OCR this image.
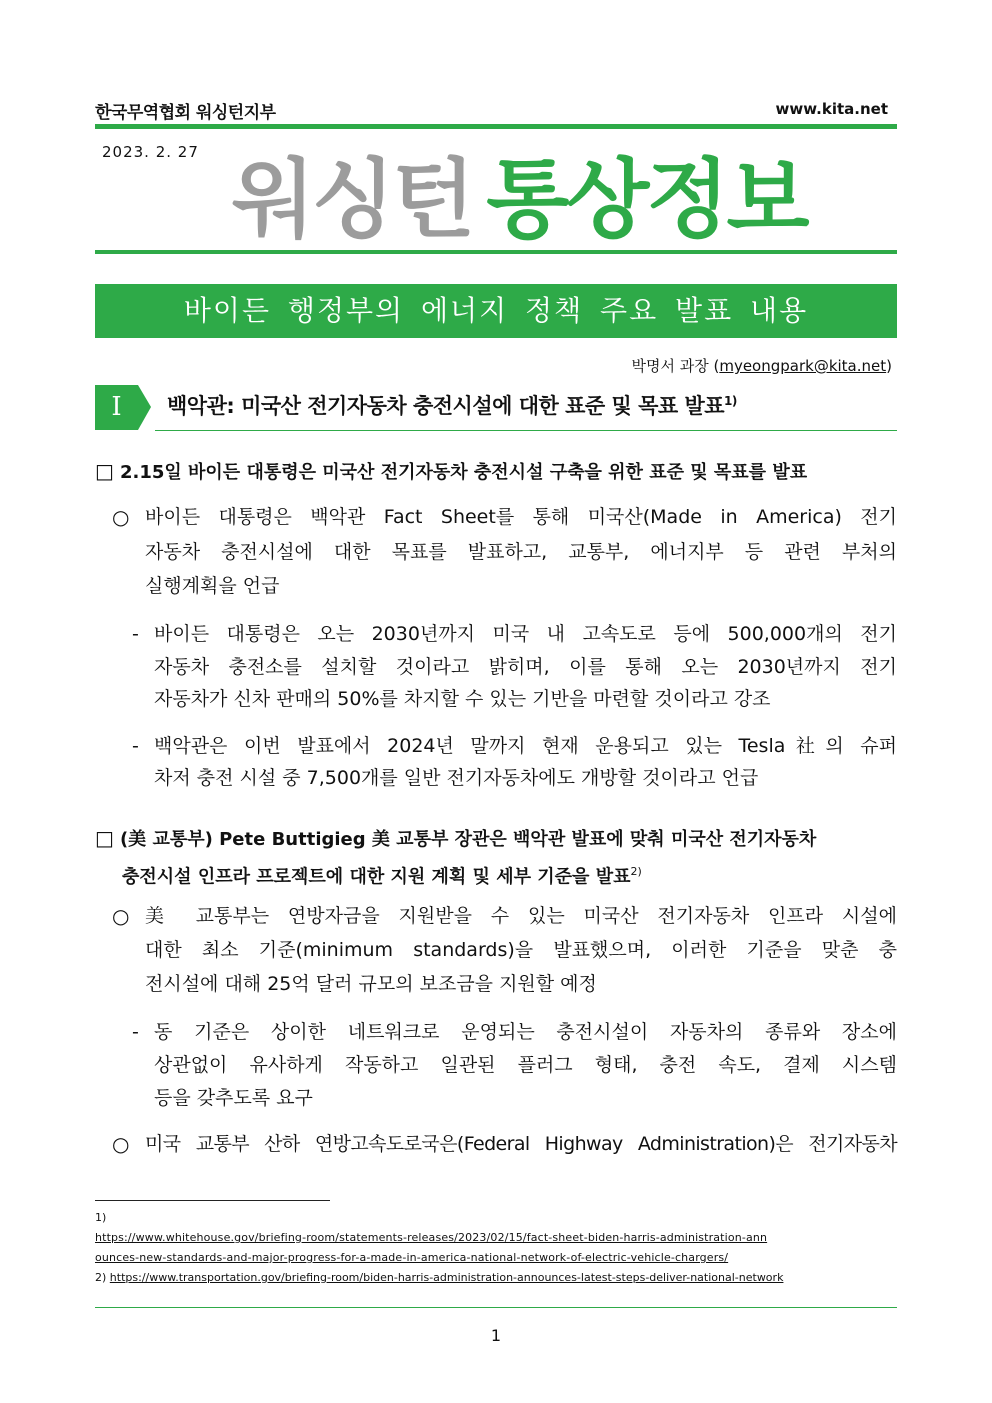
한국무역협회 워싱턴지부	www.kita.net
2023. 2. 27 워싱턴 통상정보
바이든 행정부의 에너지 정책 주요 발표 내용
박명서 과장 (myeongpark@kita.net)
Ⅰ	백악관: 미국산 전기자동차 충전시설에 대한 표준 및 목표 발표$^{1)}$
□ 2.15일 바이든 대통령은 미국산 전기자동차 충전시설 구축을 위한 표준 및 목표를 발표
○ 바이든 대통령은 백악관 Fact Sheet를 통해 미국산(Made in America) 전기
자동차 충전시설에 대한 목표를 발표하고, 교통부, 에너지부 등 관련 부처의
실행계획을 언급
- 바이든 대통령은 오는 2030년까지 미국 내 고속도로 등에 500,000개의 전기
자동차 충전소를 설치할 것이라고 밝히며, 이를 통해 오는 2030년까지 전기
자동차가 신차 판매의 50%를 차지할 수 있는 기반을 마련할 것이라고 강조
- 백악관은 이번 발표에서 2024년 말까지 현재 운용되고 있는 Tesla社의 슈퍼
차저 충전 시설 중 7,500개를 일반 전기자동차에도 개방할 것이라고 언급
□ (美 교통부) Pete Buttigieg 美 교통부 장관은 백악관 발표에 맞춰 미국산 전기자동차
충전시설 인프라 프로젝트에 대한 지원 계획 및 세부 기준을 발표$^{2)}$
○ 美 교통부는 연방자금을 지원받을 수 있는 미국산 전기자동차 인프라 시설에
대한 최소 기준(minimum standards)을 발표했으며, 이러한 기준을 맞춘 충
전시설에 대해 25억 달러 규모의 보조금을 지원할 예정
- 동 기준은 상이한 네트워크로 운영되는 충전시설이 자동차의 종류와 장소에
상관없이 유사하게 작동하고 일관된 플러그 형태, 충전 속도, 결제 시스템
등을 갖추도록 요구
○ 미국 교통부 산하 연방고속도로국은(Federal Highway Administration)은 전기자동차
1)
https://www.whitehouse.gov/briefing-room/statements-releases/2023/02/15/fact-sheet-biden-harris-administration-ann
ounces-new-standards-and-major-progress-for-a-made-in-america-national-network-of-electric-vehicle-chargers/
2) https://www.transportation.gov/briefing-room/biden-harris-administration-announces-latest-steps-deliver-national-network
1
